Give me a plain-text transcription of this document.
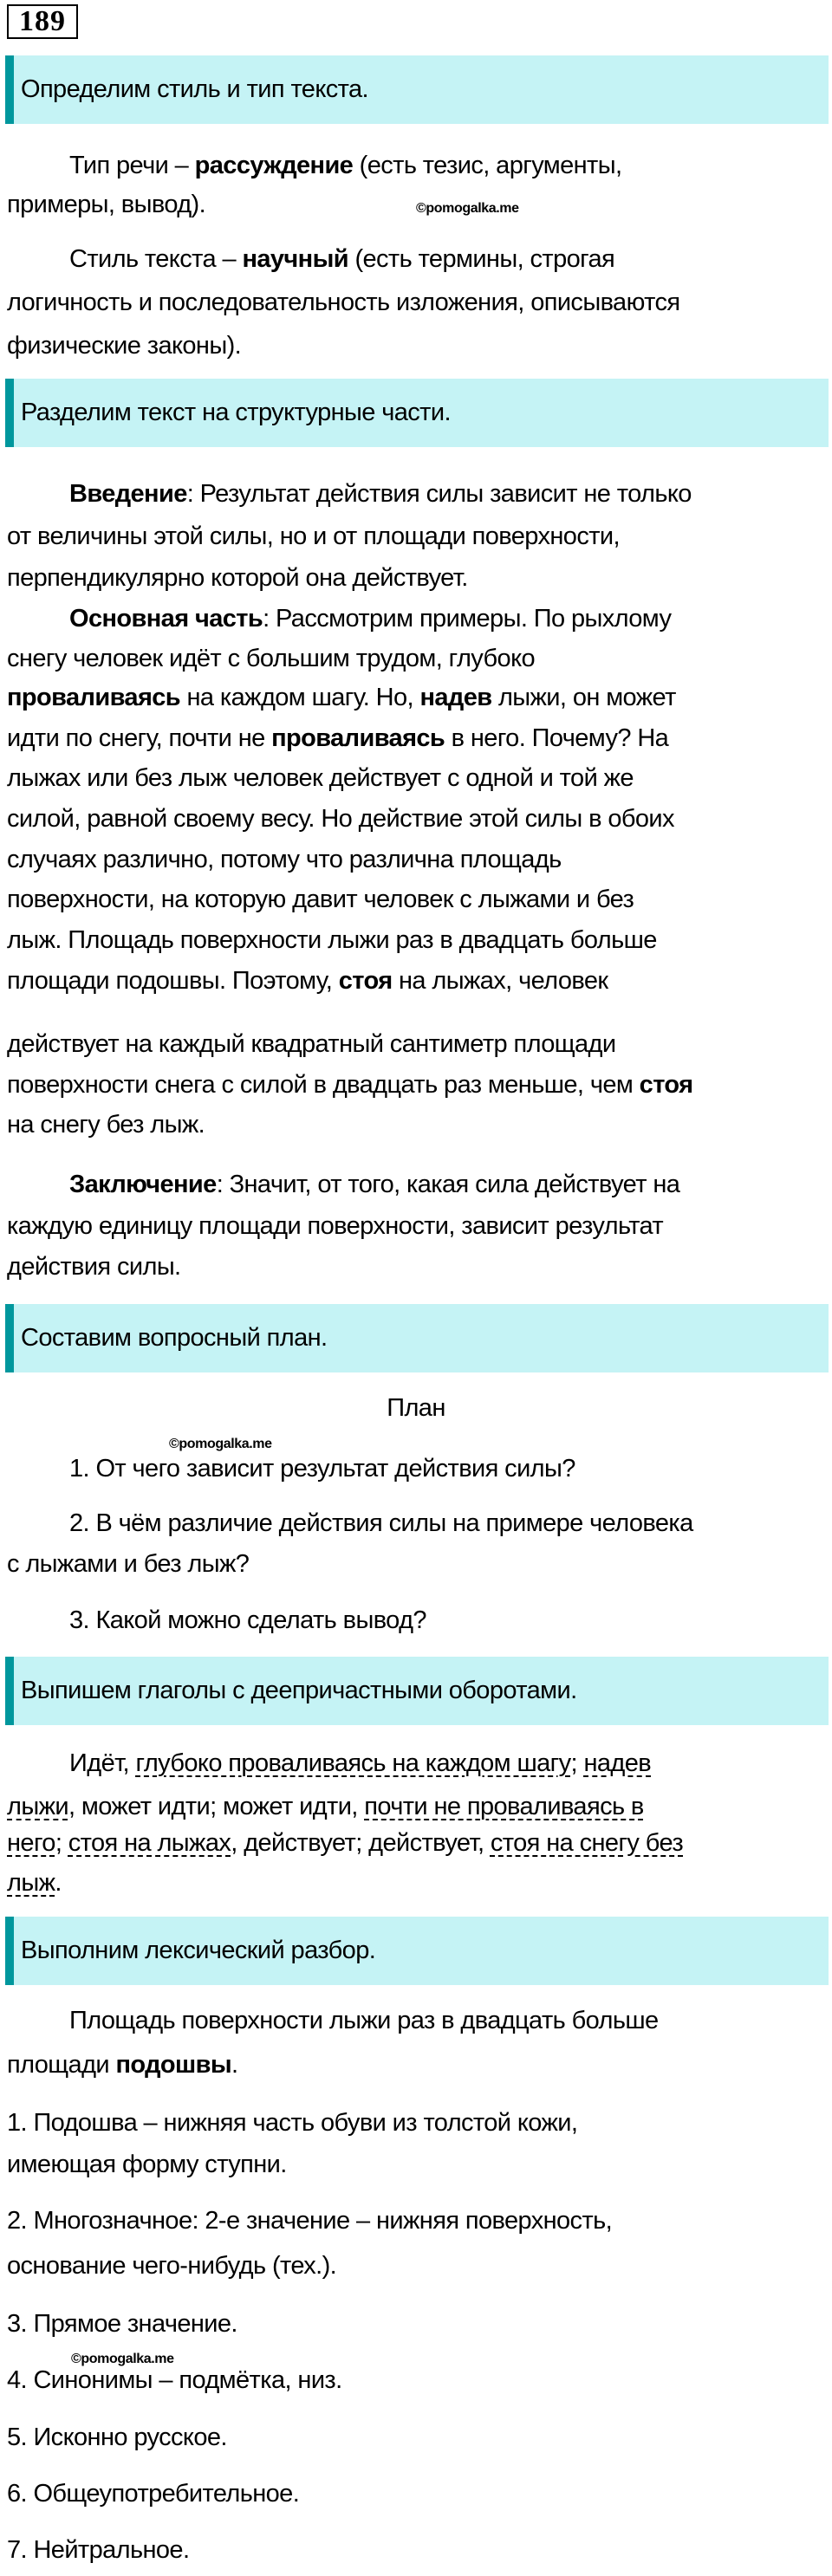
189
Определим стиль и тип текста.
Тип речи – рассуждение (есть тезис, аргументы,
примеры, вывод).	©pomogalka.me
Стиль текста – научный (есть термины, строгая
логичность и последовательность изложения, описываются
физические законы).
Разделим текст на структурные части.
Введение: Результат действия силы зависит не только
от величины этой силы, но и от площади поверхности,
перпендикулярно которой она действует.
Основная часть: Рассмотрим примеры. По рыхлому
снегу человек идёт с большим трудом, глубоко
проваливаясь на каждом шагу. Но, надев лыжи, он может
идти по снегу, почти не проваливаясь в него. Почему? На
лыжах или без лыж человек действует с одной и той же
силой, равной своему весу. Но действие этой силы в обоих
случаях различно, потому что различна площадь
поверхности, на которую давит человек с лыжами и без
лыж. Площадь поверхности лыжи раз в двадцать больше
площади подошвы. Поэтому, стоя на лыжах, человек
действует на каждый квадратный сантиметр площади
поверхности снега с силой в двадцать раз меньше, чем стоя
на снегу без лыж.
Заключение: Значит, от того, какая сила действует на
каждую единицу площади поверхности, зависит результат
действия силы.
Составим вопросный план.
План
©pomogalka.me
1. От чего зависит результат действия силы?
2. В чём различие действия силы на примере человека
с лыжами и без лыж?
3. Какой можно сделать вывод?
Выпишем глаголы с деепричастными оборотами.
Идёт, глубоко проваливаясь на каждом шагу; надев
лыжи, может идти; может идти, почти не проваливаясь в
него; стоя на лыжах, действует; действует, стоя на снегу без
лыж.
Выполним лексический разбор.
Площадь поверхности лыжи раз в двадцать больше
площади подошвы.
1. Подошва – нижняя часть обуви из толстой кожи,
имеющая форму ступни.
2. Многозначное: 2-е значение – нижняя поверхность,
основание чего-нибудь (тех.).
3. Прямое значение.
©pomogalka.me
4. Синонимы – подмётка, низ.
5. Исконно русское.
6. Общеупотребительное.
7. Нейтральное.
